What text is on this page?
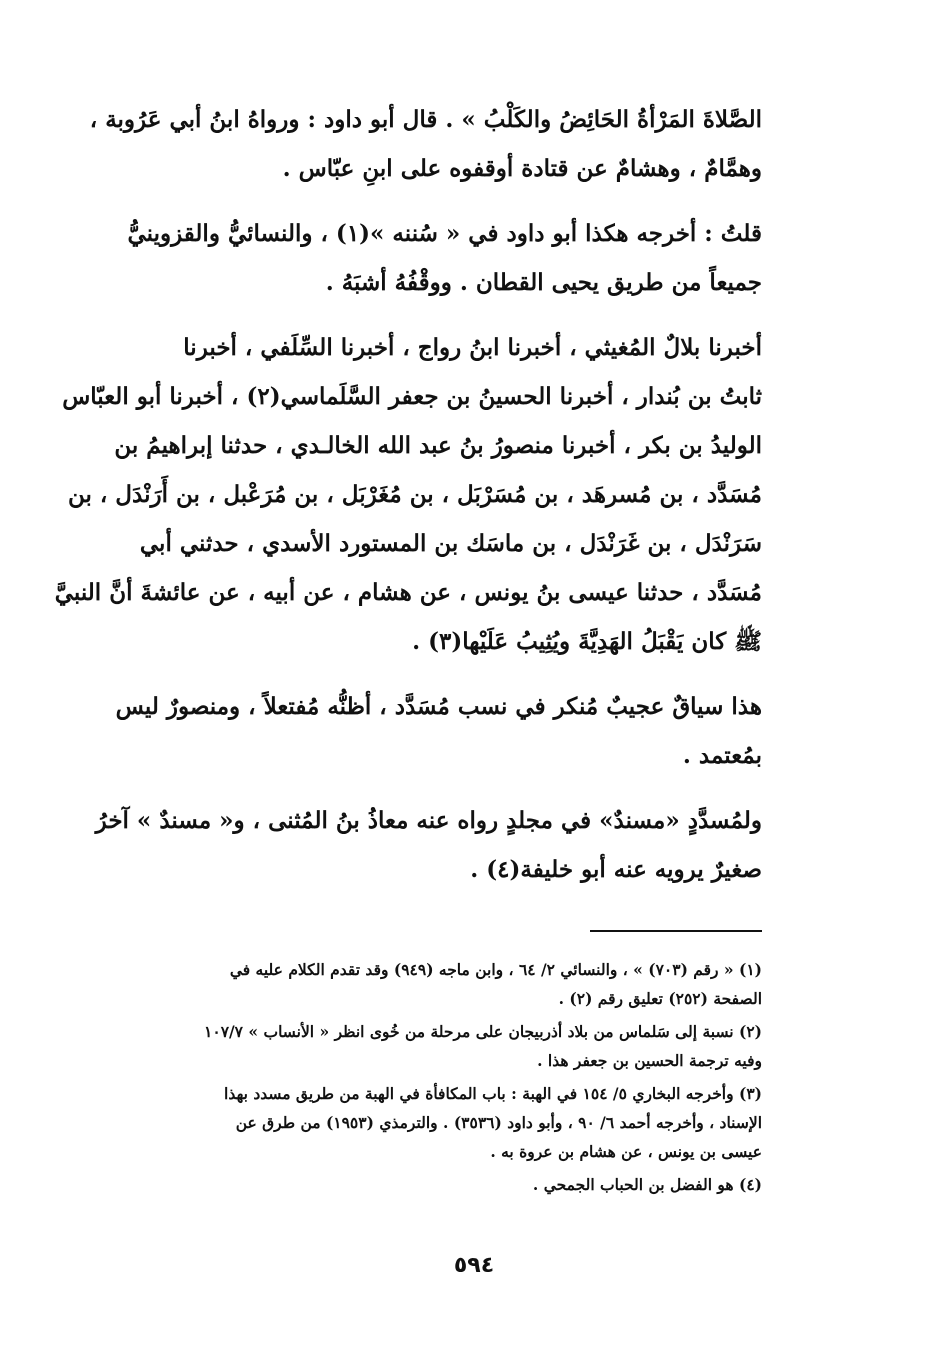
الصَّلاةَ المَرْأةُ الحَائِضُ والكَلْبُ » . قال أبو داود : ورواهُ ابنُ أبي عَرُوبة ،
وهمَّامٌ ، وهشامٌ عن قتادة أوقفوه على ابنِ عبّاس .

قلتُ : أخرجه هكذا أبو داود في « سُننه »(١) ، والنسائيُّ والقزوينيُّ
جميعاً من طريق يحيى القطان . ووقْفُهُ أشبَهُ .

أخبرنا بلالٌ المُغيثي ، أخبرنا ابنُ رواج ، أخبرنا السِّلَفي ، أخبرنا
ثابتُ بن بُندار ، أخبرنا الحسينُ بن جعفر السَّلَماسي(٢) ، أخبرنا أبو العبّاس
الوليدُ بن بكر ، أخبرنا منصورُ بنُ عبد الله الخالـدي ، حدثنا إبراهيمُ بن
مُسَدَّد ، بن مُسرهَد ، بن مُسَرْبَل ، بن مُغَرْبَل ، بن مُرَعْبل ، بن أَرَنْدَل ، بن
سَرَنْدَل ، بن غَرَنْدَل ، بن ماسَك بن المستورد الأسدي ، حدثني أبي
مُسَدَّد ، حدثنا عيسى بنُ يونس ، عن هشام ، عن أبيه ، عن عائشةَ أنَّ النبيَّ
ﷺ كان يَقْبَلُ الهَدِيَّةَ ويُثِيبُ عَلَيْها(٣) .

هذا سياقٌ عجيبٌ مُنكر في نسب مُسَدَّد ، أظنُّه مُفتعلاً ، ومنصورٌ ليس
بمُعتمد .

ولمُسدَّدٍ «مسندٌ» في مجلدٍ رواه عنه معاذُ بنُ المُثنى ، و« مسندٌ » آخرُ
صغيرٌ يرويه عنه أبو خليفة(٤) .

(١) « رقم (٧٠٣) » ، والنسائي ٢/ ٦٤ ، وابن ماجه (٩٤٩) وقد تقدم الكلام عليه في
الصفحة (٢٥٢) تعليق رقم (٢) .

(٢) نسبة إلى سَلماس من بلاد أذربيجان على مرحلة من خُوى انظر « الأنساب » ١٠٧/٧
وفيه ترجمة الحسين بن جعفر هذا .

(٣) وأخرجه البخاري ٥/ ١٥٤ في الهبة : باب المكافأة في الهبة من طريق مسدد بهذا
الإسناد ، وأخرجه أحمد ٦/ ٩٠ ، وأبو داود (٣٥٣٦) . والترمذي (١٩٥٣) من طرق عن
عيسى بن يونس ، عن هشام بن عروة به .

(٤) هو الفضل بن الحباب الجمحي .

٥٩٤
